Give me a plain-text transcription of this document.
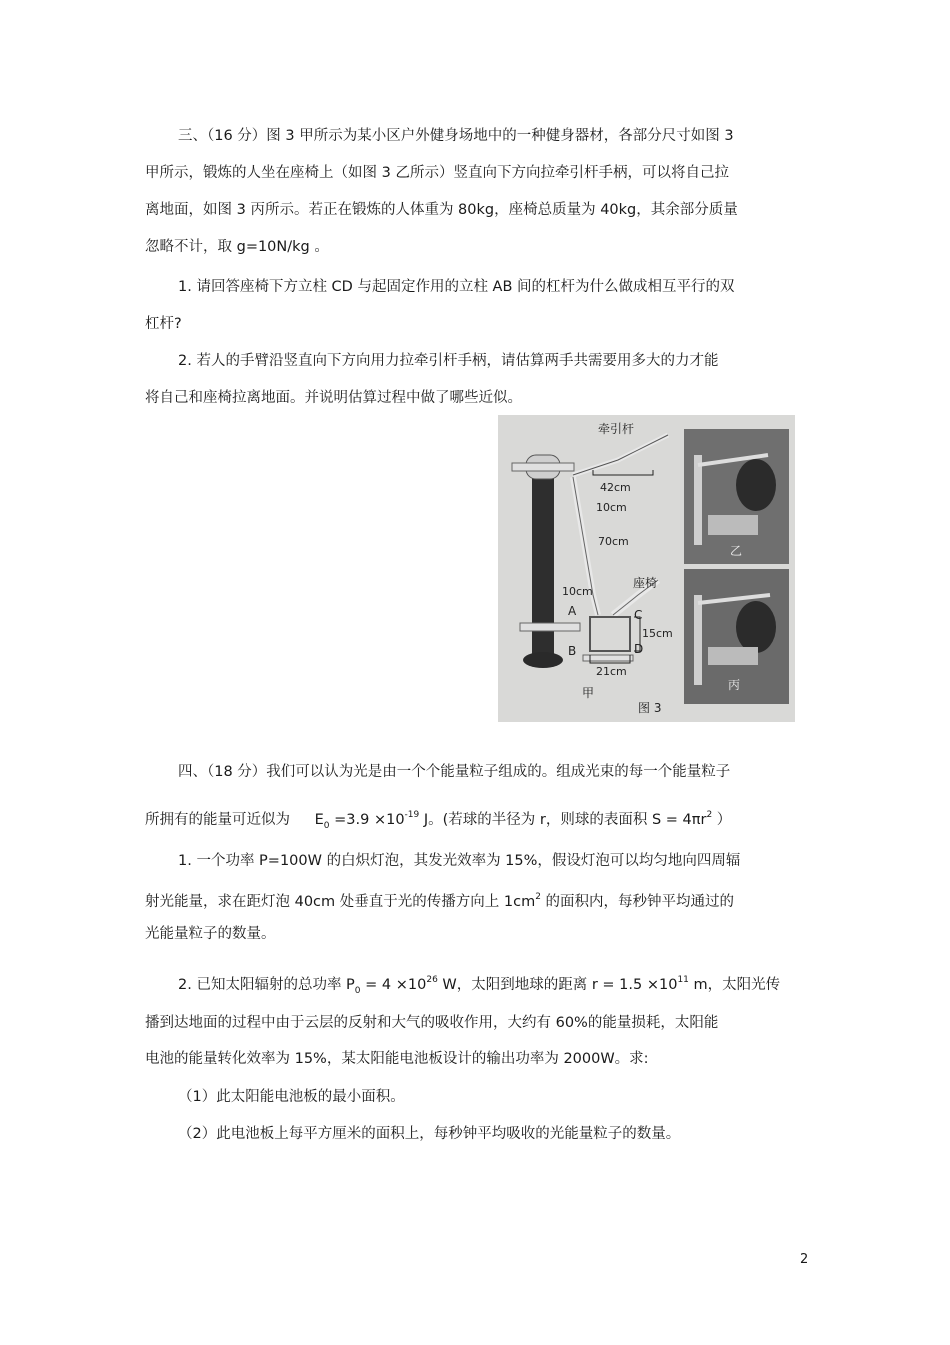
三、（16 分）图 3 甲所示为某小区户外健身场地中的一种健身器材，各部分尺寸如图 3
甲所示，锻炼的人坐在座椅上（如图 3 乙所示）竖直向下方向拉牵引杆手柄，可以将自己拉
离地面，如图 3 丙所示。若正在锻炼的人体重为 80kg，座椅总质量为 40kg，其余部分质量
忽略不计，取 g=10N/kg 。
1. 请回答座椅下方立柱 CD 与起固定作用的立柱 AB 间的杠杆为什么做成相互平行的双
杠杆?
2. 若人的手臂沿竖直向下方向用力拉牵引杆手柄，请估算两手共需要用多大的力才能
将自己和座椅拉离地面。并说明估算过程中做了哪些近似。
牵引杆
座椅
42cm
10cm
70cm
10cm
15cm
21cm
A
B
C
D
甲
乙
丙
图 3
四、（18 分）我们可以认为光是由一个个能量粒子组成的。组成光束的每一个能量粒子
所拥有的能量可近似为 $E_0 =3.9 \times 10^{-19}$ J。(若球的半径为 r，则球的表面积 $S = 4\pi r^2$ ）
1. 一个功率 P=100W 的白炽灯泡，其发光效率为 15%，假设灯泡可以均匀地向四周辐
射光能量，求在距灯泡 40cm 处垂直于光的传播方向上 $1cm^2$ 的面积内，每秒钟平均通过的
光能量粒子的数量。
2. 已知太阳辐射的总功率 $P_0 = 4 \times 10^{26}$ W，太阳到地球的距离 $r = 1.5 \times 10^{11}$ m，太阳光传
播到达地面的过程中由于云层的反射和大气的吸收作用，大约有 60%的能量损耗，太阳能
电池的能量转化效率为 15%，某太阳能电池板设计的输出功率为 2000W。求:
（1）此太阳能电池板的最小面积。
（2）此电池板上每平方厘米的面积上，每秒钟平均吸收的光能量粒子的数量。
2
